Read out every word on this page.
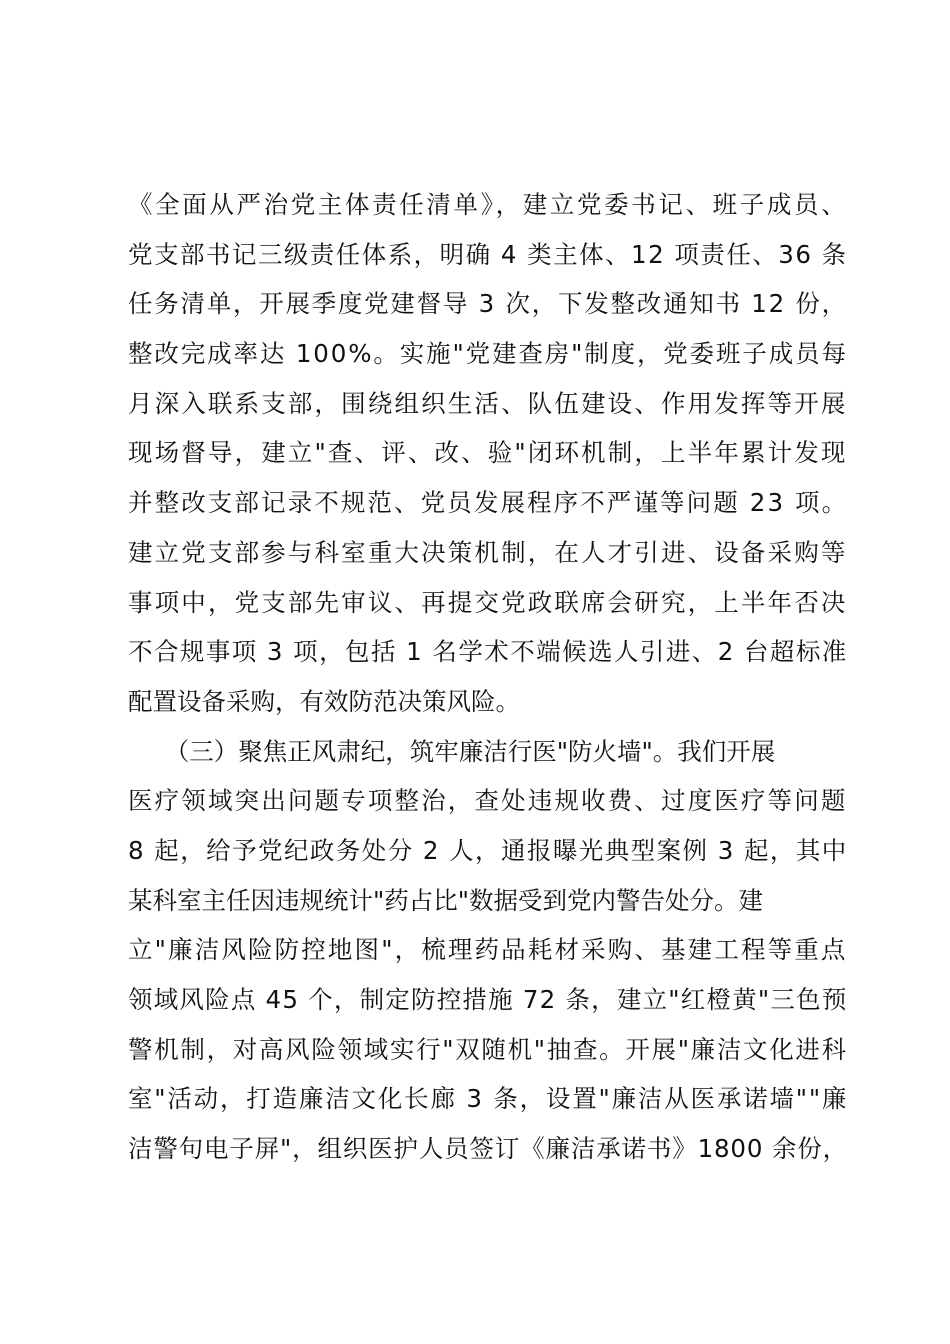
《全面从严治党主体责任清单》，建立党委书记、班子成员、
党支部书记三级责任体系，明确 4 类主体、12 项责任、36 条
任务清单，开展季度党建督导 3 次，下发整改通知书 12 份，
整改完成率达 100%。实施"党建查房"制度，党委班子成员每
月深入联系支部，围绕组织生活、队伍建设、作用发挥等开展
现场督导，建立"查、评、改、验"闭环机制，上半年累计发现
并整改支部记录不规范、党员发展程序不严谨等问题 23 项。
建立党支部参与科室重大决策机制，在人才引进、设备采购等
事项中，党支部先审议、再提交党政联席会研究，上半年否决
不合规事项 3 项，包括 1 名学术不端候选人引进、2 台超标准
配置设备采购，有效防范决策风险。
　　（三）聚焦正风肃纪，筑牢廉洁行医"防火墙"。我们开展
医疗领域突出问题专项整治，查处违规收费、过度医疗等问题
8 起，给予党纪政务处分 2 人，通报曝光典型案例 3 起，其中
某科室主任因违规统计"药占比"数据受到党内警告处分。建
立"廉洁风险防控地图"，梳理药品耗材采购、基建工程等重点
领域风险点 45 个，制定防控措施 72 条，建立"红橙黄"三色预
警机制，对高风险领域实行"双随机"抽查。开展"廉洁文化进科
室"活动，打造廉洁文化长廊 3 条，设置"廉洁从医承诺墙""廉
洁警句电子屏"，组织医护人员签订《廉洁承诺书》1800 余份，
